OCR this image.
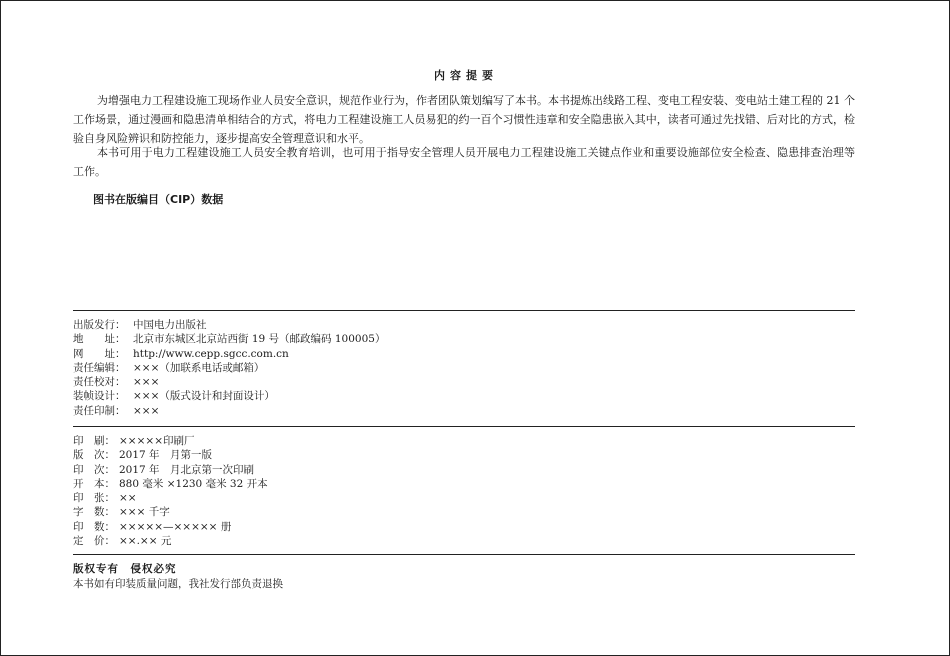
内容提要
为增强电力工程建设施工现场作业人员安全意识，规范作业行为，作者团队策划编写了本书。本书提炼出线路工程、变电工程安装、变电站土建工程的 21 个工作场景，通过漫画和隐患清单相结合的方式，将电力工程建设施工人员易犯的约一百个习惯性违章和安全隐患嵌入其中，读者可通过先找错、后对比的方式，检验自身风险辨识和防控能力，逐步提高安全管理意识和水平。
本书可用于电力工程建设施工人员安全教育培训，也可用于指导安全管理人员开展电力工程建设施工关键点作业和重要设施部位安全检查、隐患排查治理等工作。
图书在版编目（CIP）数据
出版发行： 中国电力出版社
地　　址： 北京市东城区北京站西街 19 号（邮政编码 100005）
网　　址： http://www.cepp.sgcc.com.cn
责任编辑： ×××（加联系电话或邮箱）
责任校对： ×××
装帧设计： ×××（版式设计和封面设计）
责任印制： ×××
印　刷： ×××××印刷厂
版　次： 2017 年　月第一版
印　次： 2017 年　月北京第一次印刷
开　本： 880 毫米 ×1230 毫米 32 开本
印　张： ××
字　数： ××× 千字
印　数： ×××××—××××× 册
定　价： ××.×× 元
版权专有　侵权必究
本书如有印装质量问题，我社发行部负责退换
